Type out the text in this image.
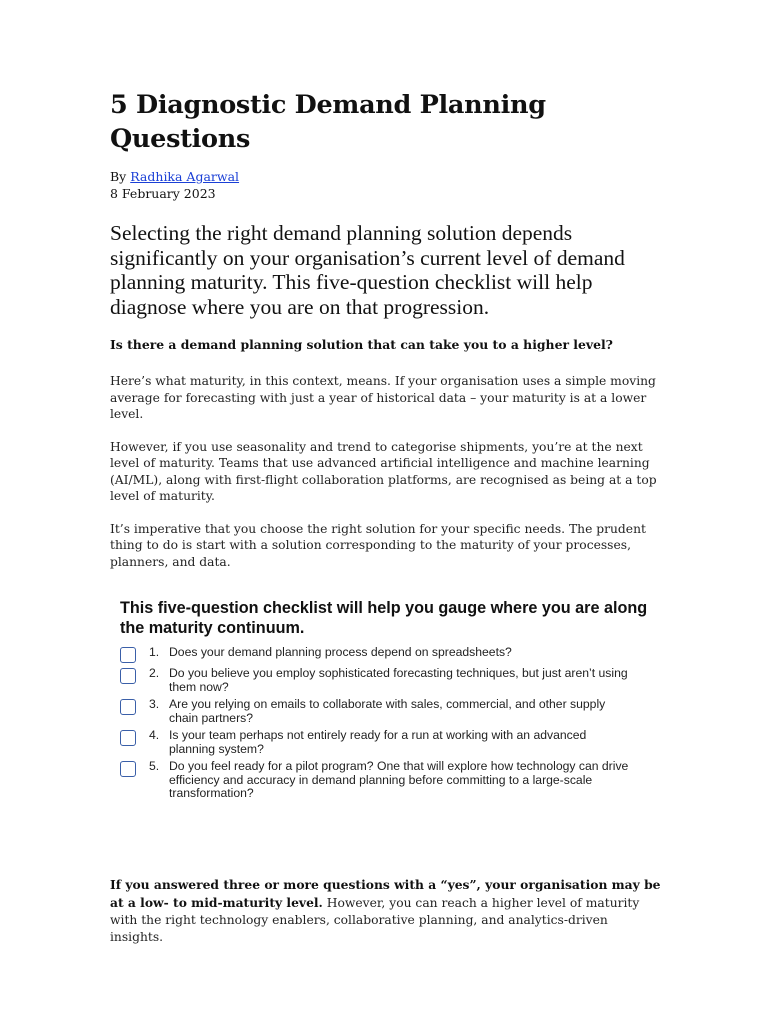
5 Diagnostic Demand Planning Questions
By Radhika Agarwal
8 February 2023
Selecting the right demand planning solution depends significantly on your organisation’s current level of demand planning maturity. This five-question checklist will help diagnose where you are on that progression.
Is there a demand planning solution that can take you to a higher level?

Here’s what maturity, in this context, means. If your organisation uses a simple moving average for forecasting with just a year of historical data – your maturity is at a lower level.

However, if you use seasonality and trend to categorise shipments, you’re at the next level of maturity. Teams that use advanced artificial intelligence and machine learning (AI/ML), along with first-flight collaboration platforms, are recognised as being at a top level of maturity.

It’s imperative that you choose the right solution for your specific needs. The prudent thing to do is start with a solution corresponding to the maturity of your processes, planners, and data.

This five-question checklist will help you gauge where you are along the maturity continuum.
1. Does your demand planning process depend on spreadsheets?
2. Do you believe you employ sophisticated forecasting techniques, but just aren’t using them now?
3. Are you relying on emails to collaborate with sales, commercial, and other supply chain partners?
4. Is your team perhaps not entirely ready for a run at working with an advanced planning system?
5. Do you feel ready for a pilot program? One that will explore how technology can drive efficiency and accuracy in demand planning before committing to a large-scale transformation?
If you answered three or more questions with a “yes”, your organisation may be at a low- to mid-maturity level. However, you can reach a higher level of maturity with the right technology enablers, collaborative planning, and analytics-driven insights.
